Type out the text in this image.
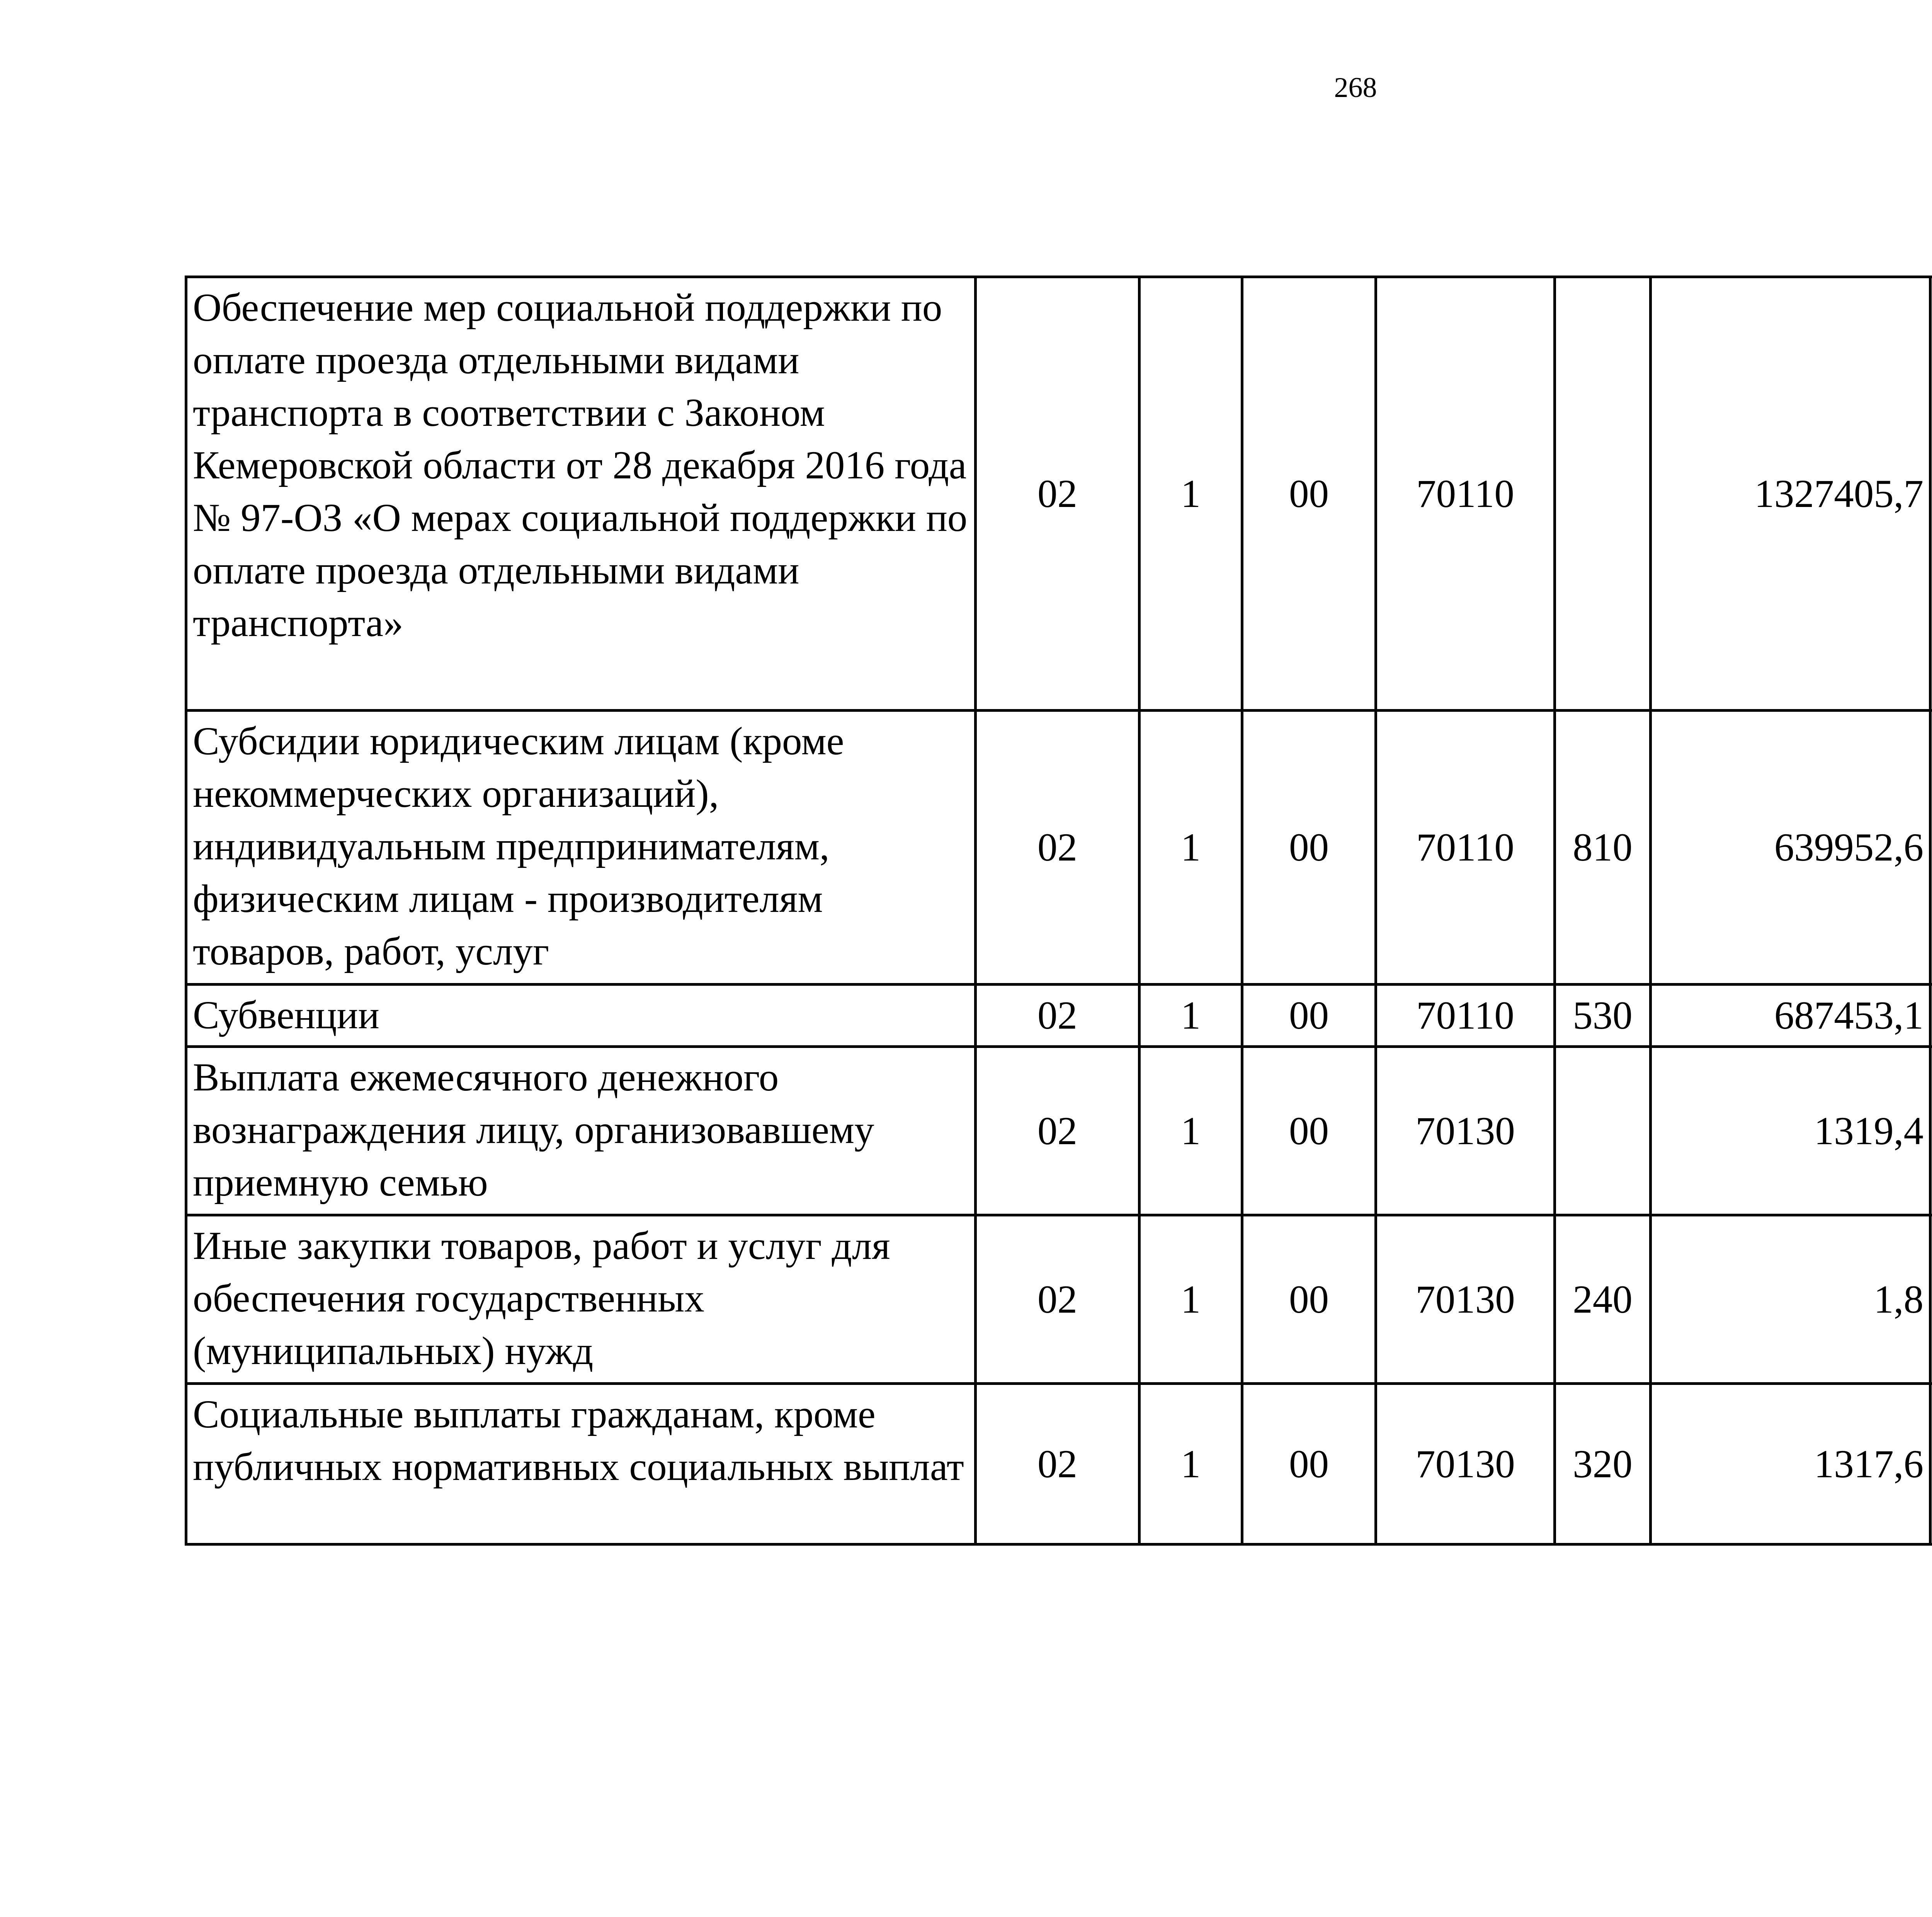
268
Обеспечение мер социальной поддержки по оплате проезда отдельными видами транспорта в соответствии с Законом Кемеровской области от 28 декабря 2016 года № 97-ОЗ «О мерах социальной поддержки по оплате проезда отдельными видами транспорта»	02	1	00	70110		1327405,7		
Субсидии юридическим лицам (кроме некоммерческих организаций), индивидуальным предпринимателям, физическим лицам - производителям товаров, работ, услуг	02	1	00	70110	810	639952,6		
Субвенции	02	1	00	70110	530	687453,1		
Выплата ежемесячного денежного вознаграждения лицу, организовавшему приемную семью	02	1	00	70130		1319,4		
Иные закупки товаров, работ и услуг для обеспечения государственных (муниципальных) нужд	02	1	00	70130	240	1,8		
Социальные выплаты гражданам, кроме публичных нормативных социальных выплат	02	1	00	70130	320	1317,6		
